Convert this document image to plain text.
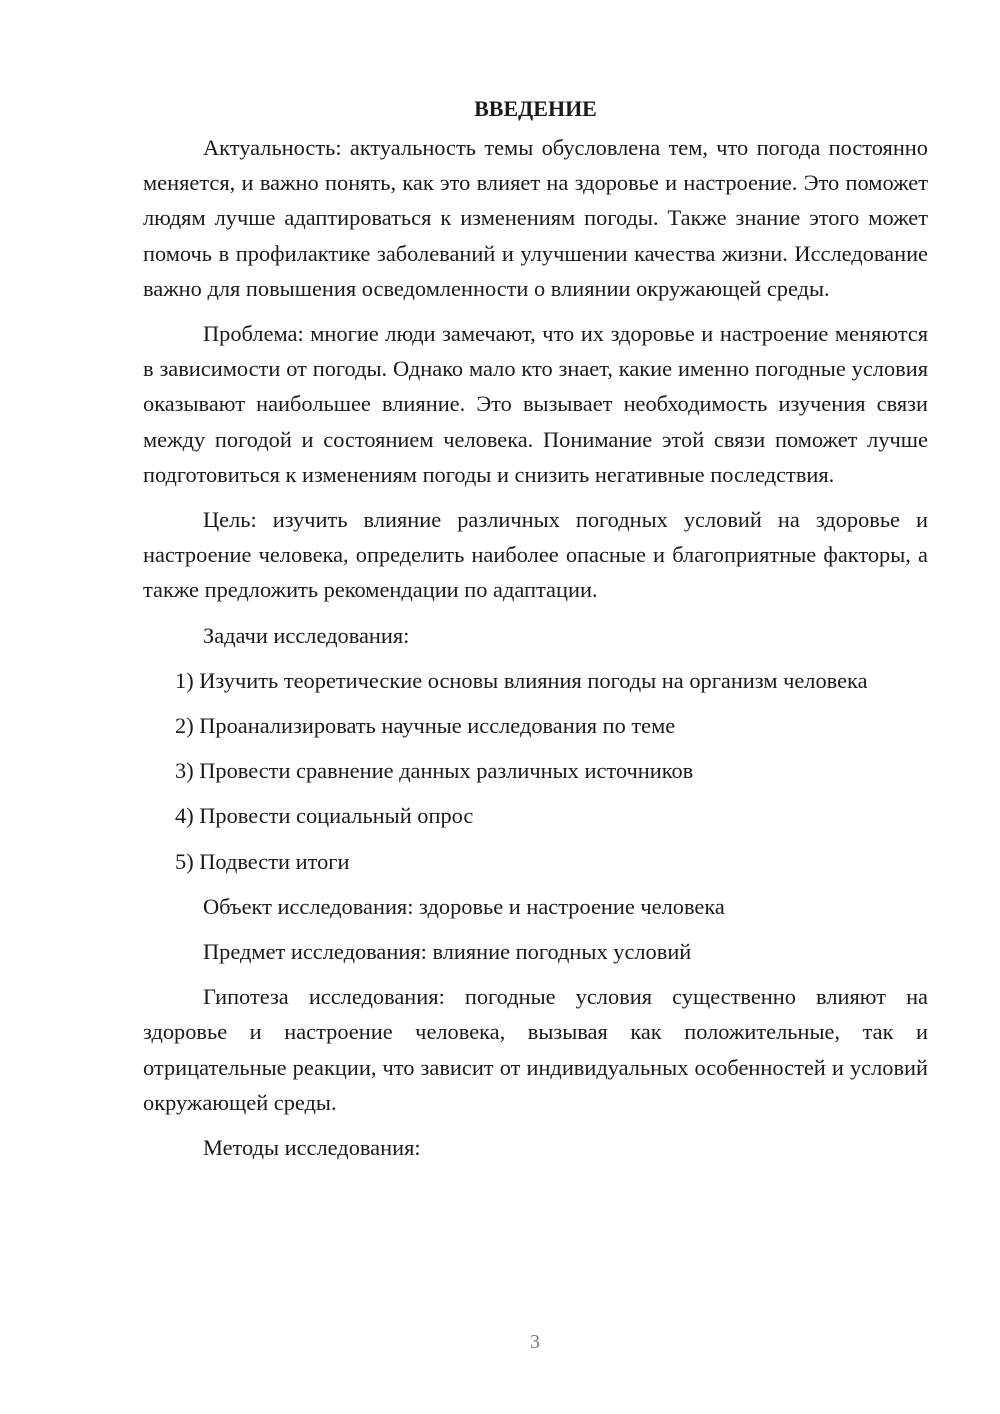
ВВЕДЕНИЕ

Актуальность: актуальность темы обусловлена тем, что погода постоянно меняется, и важно понять, как это влияет на здоровье и настроение. Это поможет людям лучше адаптироваться к изменениям погоды. Также знание этого может помочь в профилактике заболеваний и улучшении качества жизни. Исследование важно для повышения осведомленности о влиянии окружающей среды.

Проблема: многие люди замечают, что их здоровье и настроение меняются в зависимости от погоды. Однако мало кто знает, какие именно погодные условия оказывают наибольшее влияние. Это вызывает необходимость изучения связи между погодой и состоянием человека. Понимание этой связи поможет лучше подготовиться к изменениям погоды и снизить негативные последствия.

Цель: изучить влияние различных погодных условий на здоровье и настроение человека, определить наиболее опасные и благоприятные факторы, а также предложить рекомендации по адаптации.

Задачи исследования:

1) Изучить теоретические основы влияния погоды на организм человека

2) Проанализировать научные исследования по теме

3) Провести сравнение данных различных источников

4) Провести социальный опрос

5) Подвести итоги

Объект исследования: здоровье и настроение человека

Предмет исследования: влияние погодных условий

Гипотеза исследования: погодные условия существенно влияют на здоровье и настроение человека, вызывая как положительные, так и отрицательные реакции, что зависит от индивидуальных особенностей и условий окружающей среды.

Методы исследования:

3
